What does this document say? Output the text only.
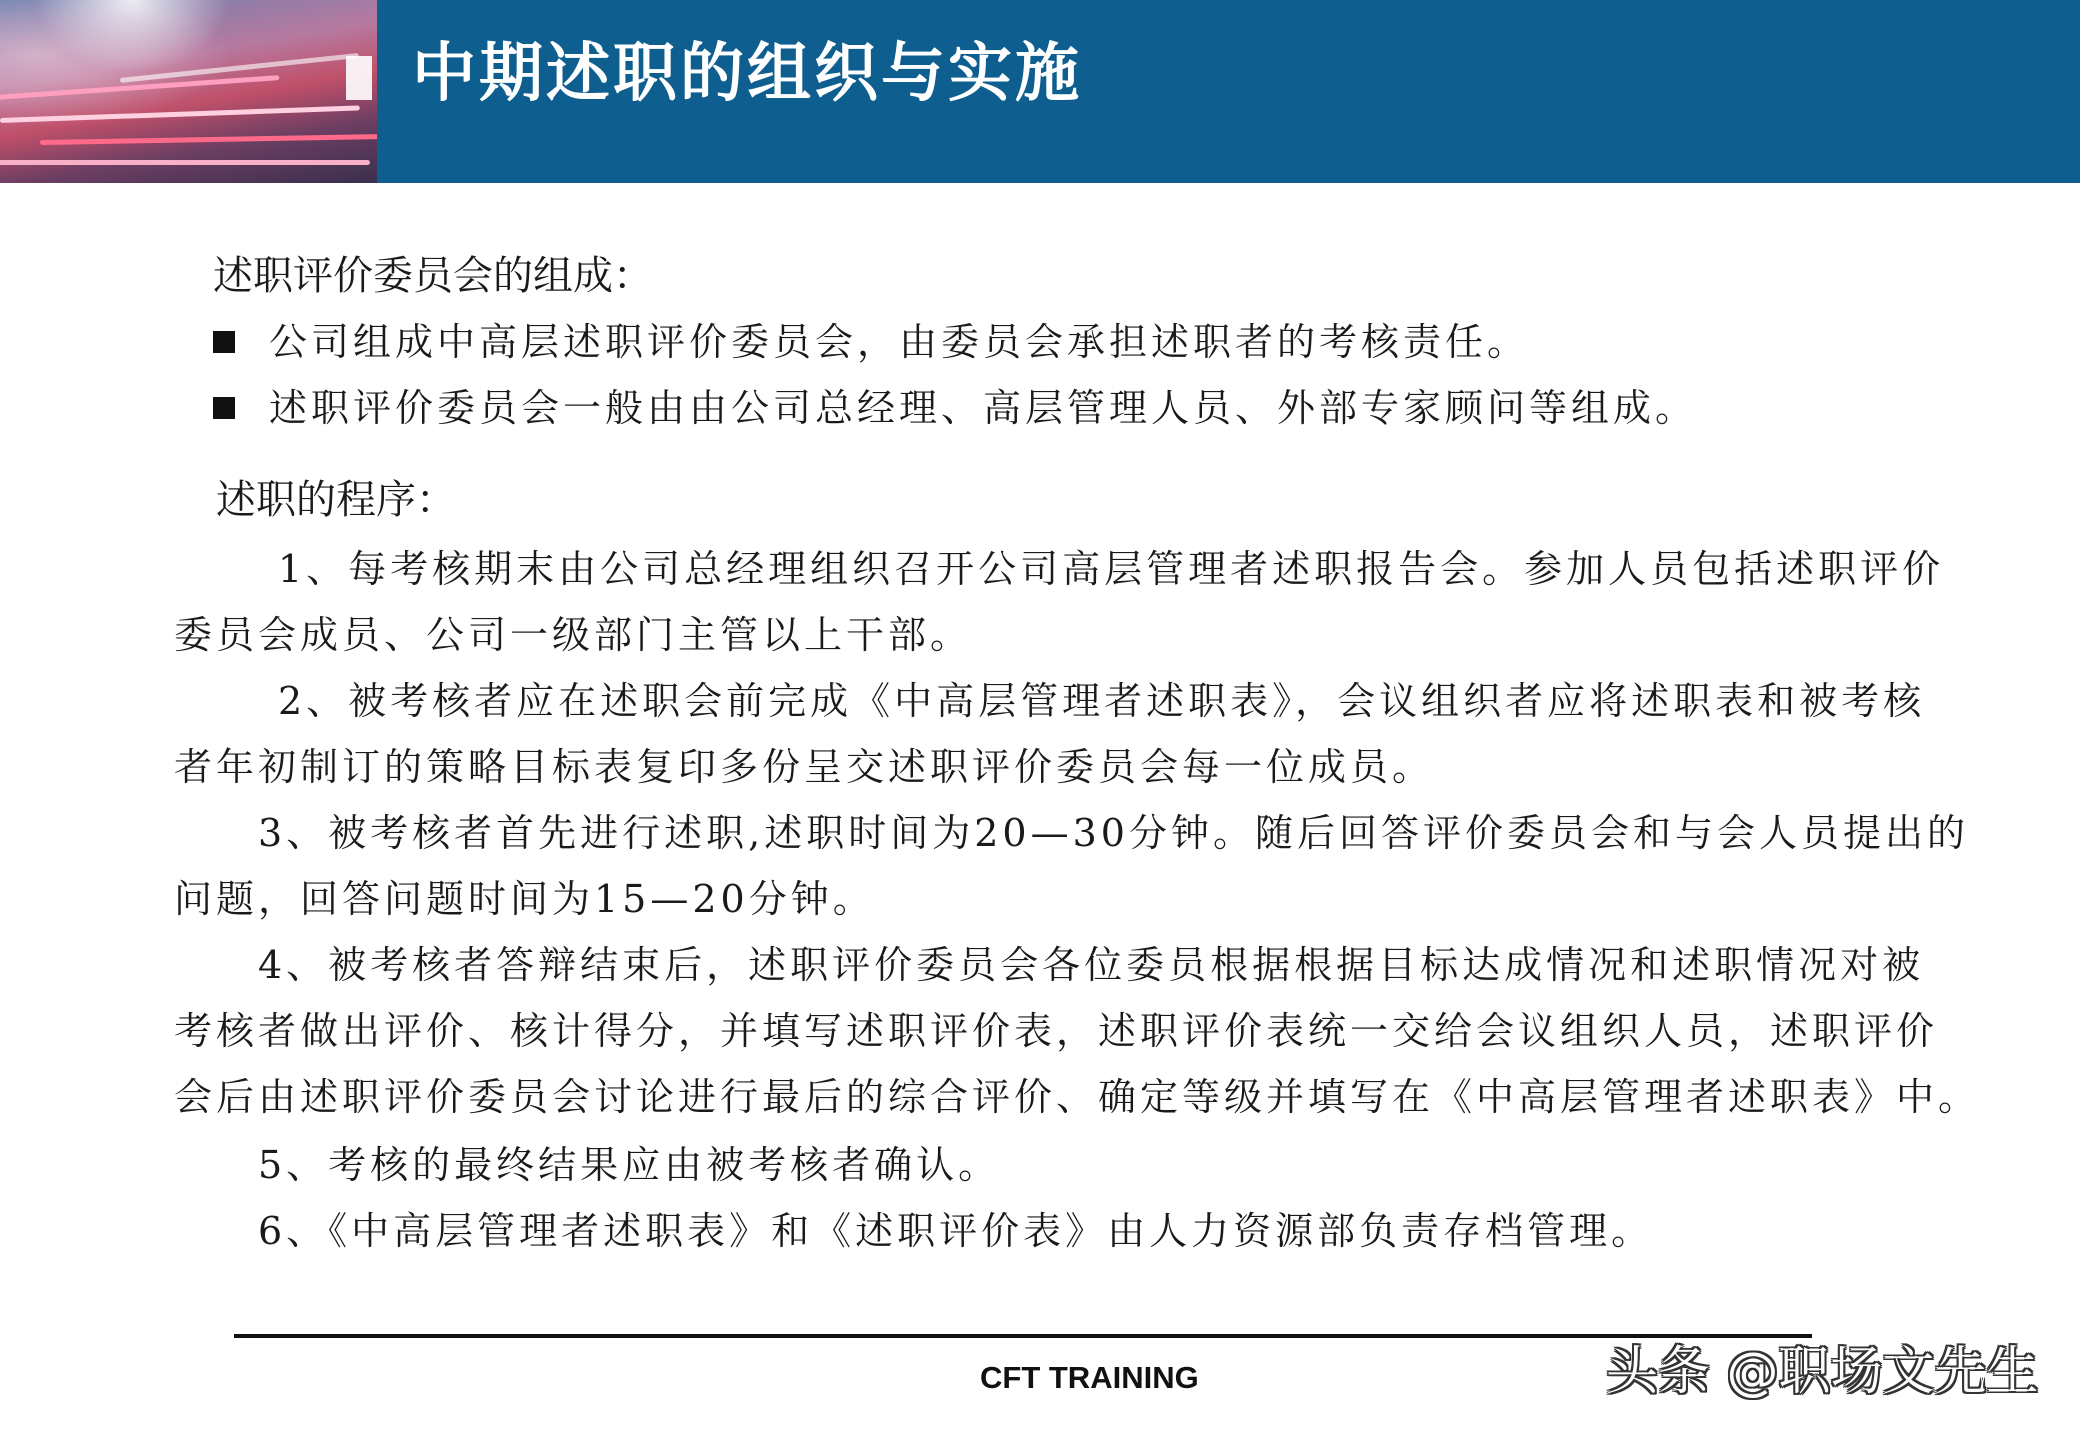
中期述职的组织与实施
述职评价委员会的组成：
公司组成中高层述职评价委员会，由委员会承担述职者的考核责任。
述职评价委员会一般由由公司总经理、高层管理人员、外部专家顾问等组成。
述职的程序：
1、每考核期末由公司总经理组织召开公司高层管理者述职报告会。参加人员包括述职评价
委员会成员、公司一级部门主管以上干部。
2、被考核者应在述职会前完成《中高层管理者述职表》，会议组织者应将述职表和被考核
者年初制订的策略目标表复印多份呈交述职评价委员会每一位成员。
3、被考核者首先进行述职,述职时间为20—30分钟。随后回答评价委员会和与会人员提出的
问题，回答问题时间为15—20分钟。
4、被考核者答辩结束后，述职评价委员会各位委员根据根据目标达成情况和述职情况对被
考核者做出评价、核计得分，并填写述职评价表，述职评价表统一交给会议组织人员，述职评价
会后由述职评价委员会讨论进行最后的综合评价、确定等级并填写在《中高层管理者述职表》中。
5、考核的最终结果应由被考核者确认。
6、《中高层管理者述职表》和《述职评价表》由人力资源部负责存档管理。
CFT TRAINING	头条 @职场文先生
